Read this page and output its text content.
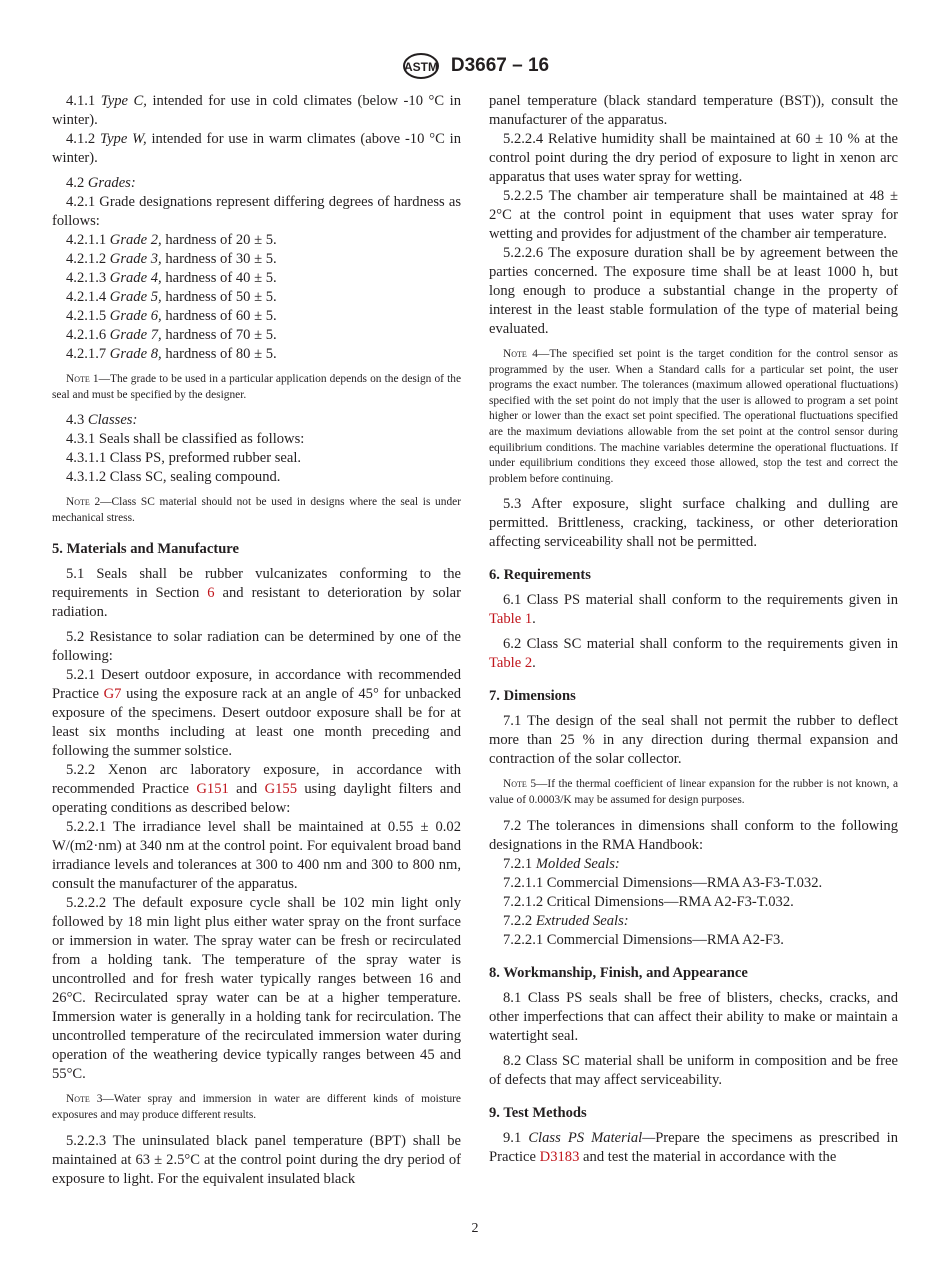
ASTM D3667 – 16

4.1.1 Type C, intended for use in cold climates (below -10 °C in winter).

4.1.2 Type W, intended for use in warm climates (above -10 °C in winter).

4.2 Grades:

4.2.1 Grade designations represent differing degrees of hardness as follows:

4.2.1.1 Grade 2, hardness of 20 ± 5.

4.2.1.2 Grade 3, hardness of 30 ± 5.

4.2.1.3 Grade 4, hardness of 40 ± 5.

4.2.1.4 Grade 5, hardness of 50 ± 5.

4.2.1.5 Grade 6, hardness of 60 ± 5.

4.2.1.6 Grade 7, hardness of 70 ± 5.

4.2.1.7 Grade 8, hardness of 80 ± 5.

Note 1—The grade to be used in a particular application depends on the design of the seal and must be specified by the designer.

4.3 Classes:

4.3.1 Seals shall be classified as follows:

4.3.1.1 Class PS, preformed rubber seal.

4.3.1.2 Class SC, sealing compound.

Note 2—Class SC material should not be used in designs where the seal is under mechanical stress.

5. Materials and Manufacture

5.1 Seals shall be rubber vulcanizates conforming to the requirements in Section 6 and resistant to deterioration by solar radiation.

5.2 Resistance to solar radiation can be determined by one of the following:

5.2.1 Desert outdoor exposure, in accordance with recommended Practice G7 using the exposure rack at an angle of 45° for unbacked exposure of the specimens. Desert outdoor exposure shall be for at least six months including at least one month preceding and following the summer solstice.

5.2.2 Xenon arc laboratory exposure, in accordance with recommended Practice G151 and G155 using daylight filters and operating conditions as described below:

5.2.2.1 The irradiance level shall be maintained at 0.55 ± 0.02 W/(m2·nm) at 340 nm at the control point. For equivalent broad band irradiance levels and tolerances at 300 to 400 nm and 300 to 800 nm, consult the manufacturer of the apparatus.

5.2.2.2 The default exposure cycle shall be 102 min light only followed by 18 min light plus either water spray on the front surface or immersion in water. The spray water can be fresh or recirculated from a holding tank. The temperature of the spray water is uncontrolled and for fresh water typically ranges between 16 and 26°C. Recirculated spray water can be at a higher temperature. Immersion water is generally in a holding tank for recirculation. The uncontrolled temperature of the recirculated immersion water during operation of the weathering device typically ranges between 45 and 55°C.

Note 3—Water spray and immersion in water are different kinds of moisture exposures and may produce different results.

5.2.2.3 The uninsulated black panel temperature (BPT) shall be maintained at 63 ± 2.5°C at the control point during the dry period of exposure to light. For the equivalent insulated black

panel temperature (black standard temperature (BST)), consult the manufacturer of the apparatus.

5.2.2.4 Relative humidity shall be maintained at 60 ± 10 % at the control point during the dry period of exposure to light in xenon arc apparatus that uses water spray for wetting.

5.2.2.5 The chamber air temperature shall be maintained at 48 ± 2°C at the control point in equipment that uses water spray for wetting and provides for adjustment of the chamber air temperature.

5.2.2.6 The exposure duration shall be by agreement between the parties concerned. The exposure time shall be at least 1000 h, but long enough to produce a substantial change in the property of interest in the least stable formulation of the type of material being evaluated.

Note 4—The specified set point is the target condition for the control sensor as programmed by the user. When a Standard calls for a particular set point, the user programs the exact number. The tolerances (maximum allowed operational fluctuations) specified with the set point do not imply that the user is allowed to program a set point higher or lower than the exact set point specified. The operational fluctuations specified are the maximum deviations allowable from the set point at the control sensor during equilibrium conditions. The machine variables determine the operational fluctuations. If under equilibrium conditions they exceed those allowed, stop the test and correct the problem before continuing.

5.3 After exposure, slight surface chalking and dulling are permitted. Brittleness, cracking, tackiness, or other deterioration affecting serviceability shall not be permitted.

6. Requirements

6.1 Class PS material shall conform to the requirements given in Table 1.

6.2 Class SC material shall conform to the requirements given in Table 2.

7. Dimensions

7.1 The design of the seal shall not permit the rubber to deflect more than 25 % in any direction during thermal expansion and contraction of the solar collector.

Note 5—If the thermal coefficient of linear expansion for the rubber is not known, a value of 0.0003/K may be assumed for design purposes.

7.2 The tolerances in dimensions shall conform to the following designations in the RMA Handbook:

7.2.1 Molded Seals:

7.2.1.1 Commercial Dimensions—RMA A3-F3-T.032.

7.2.1.2 Critical Dimensions—RMA A2-F3-T.032.

7.2.2 Extruded Seals:

7.2.2.1 Commercial Dimensions—RMA A2-F3.

8. Workmanship, Finish, and Appearance

8.1 Class PS seals shall be free of blisters, checks, cracks, and other imperfections that can affect their ability to make or maintain a watertight seal.

8.2 Class SC material shall be uniform in composition and be free of defects that may affect serviceability.

9. Test Methods

9.1 Class PS Material—Prepare the specimens as prescribed in Practice D3183 and test the material in accordance with the

2
